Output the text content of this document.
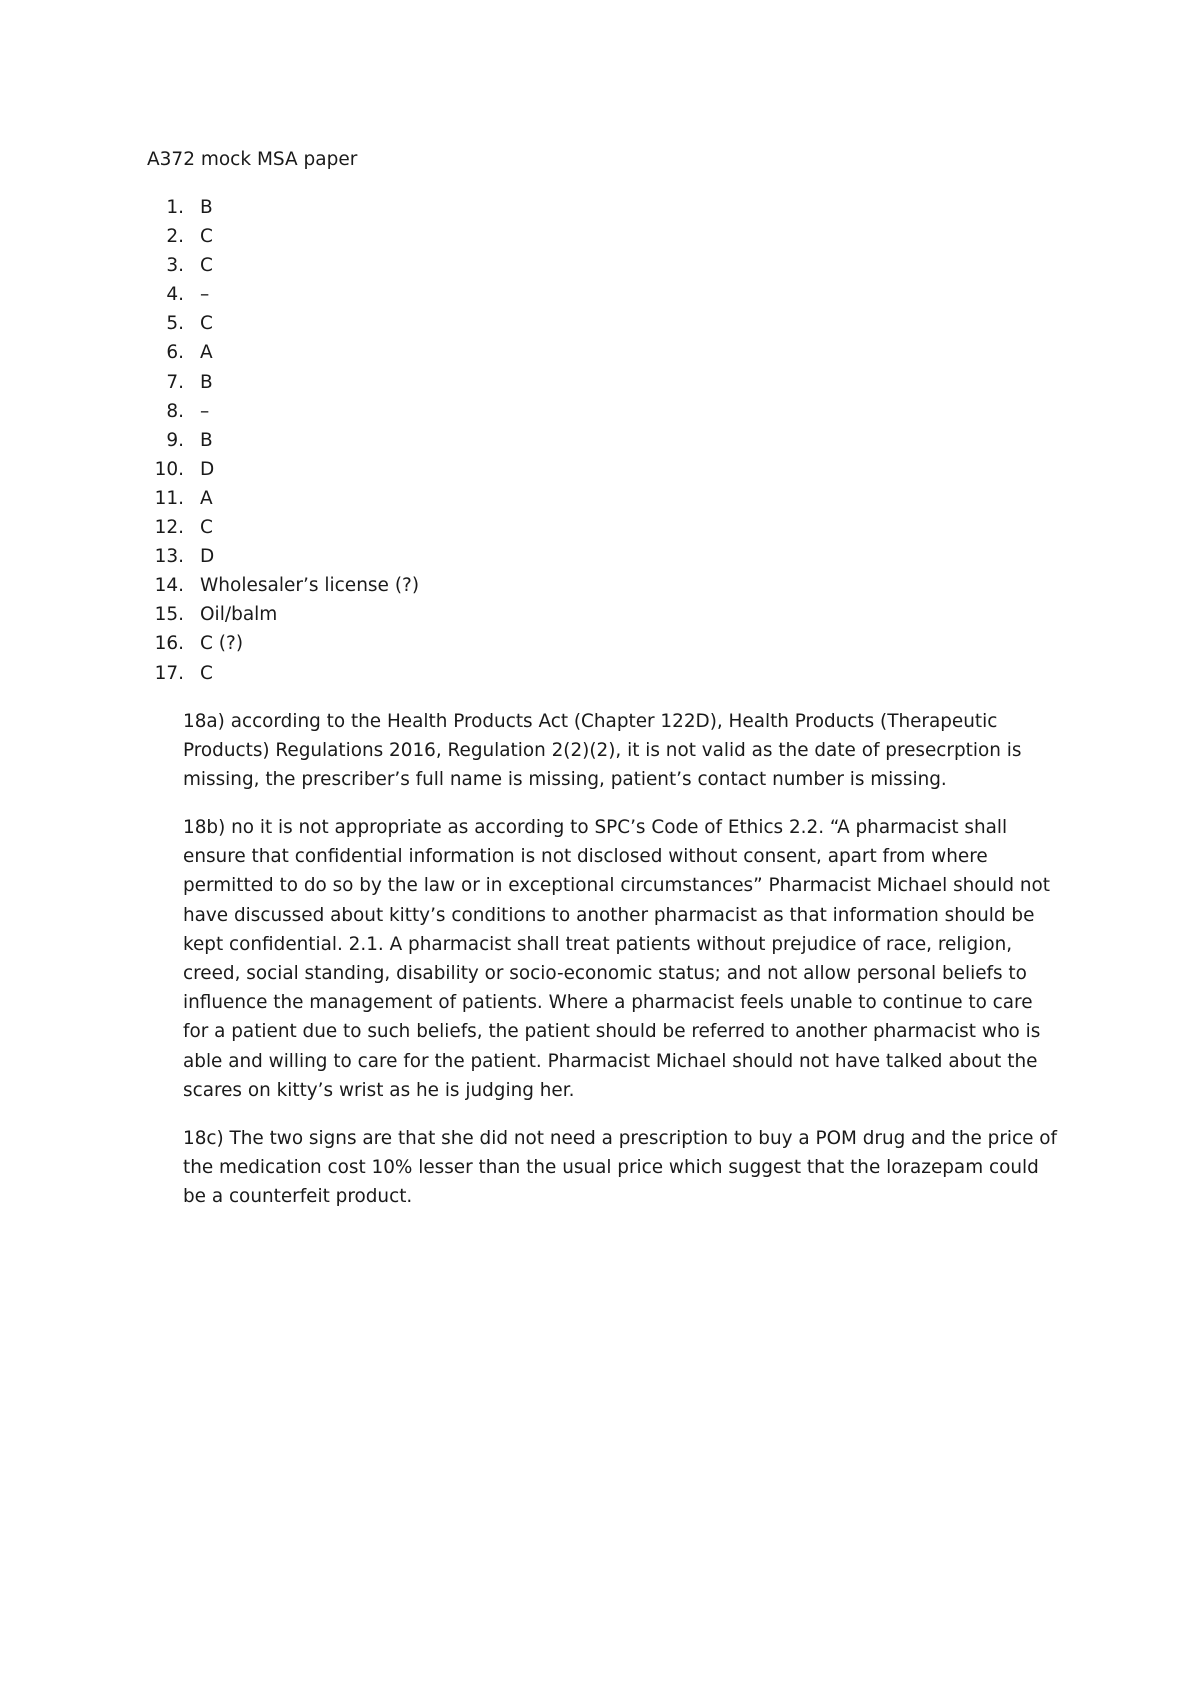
A372 mock MSA paper
1. B
2. C
3. C
4. –
5. C
6. A
7. B
8. –
9. B
10. D
11. A
12. C
13. D
14. Wholesaler’s license (?)
15. Oil/balm
16. C (?)
17. C

18a) according to the Health Products Act (Chapter 122D), Health Products (Therapeutic Products) Regulations 2016, Regulation 2(2)(2), it is not valid as the date of presecrption is missing, the prescriber’s full name is missing, patient’s contact number is missing.

18b) no it is not appropriate as according to SPC’s Code of Ethics 2.2. “A pharmacist shall ensure that confidential information is not disclosed without consent, apart from where permitted to do so by the law or in exceptional circumstances” Pharmacist Michael should not have discussed about kitty’s conditions to another pharmacist as that information should be kept confidential. 2.1. A pharmacist shall treat patients without prejudice of race, religion, creed, social standing, disability or socio-economic status; and not allow personal beliefs to influence the management of patients. Where a pharmacist feels unable to continue to care for a patient due to such beliefs, the patient should be referred to another pharmacist who is able and willing to care for the patient. Pharmacist Michael should not have talked about the scares on kitty’s wrist as he is judging her.

18c) The two signs are that she did not need a prescription to buy a POM drug and the price of the medication cost 10% lesser than the usual price which suggest that the lorazepam could be a counterfeit product.
